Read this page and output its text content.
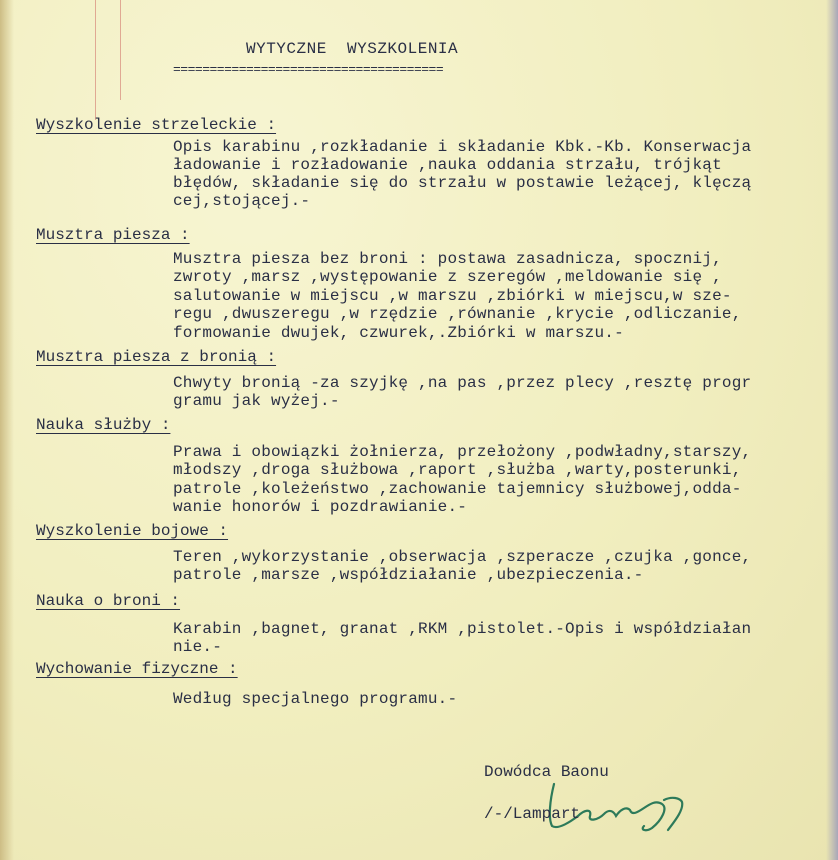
WYTYCZNE  WYSZKOLENIA
=====================================
Wyszkolenie strzeleckie :
Opis karabinu ,rozkładanie i składanie Kbk.-Kb. Konserwacja
ładowanie i rozładowanie ,nauka oddania strzału, trójkąt
błędów, składanie się do strzału w postawie leżącej, klęczą
cej,stojącej.-
Musztra piesza :
Musztra piesza bez broni : postawa zasadnicza, spocznij,
zwroty ,marsz ,występowanie z szeregów ,meldowanie się ,
salutowanie w miejscu ,w marszu ,zbiórki w miejscu,w sze-
regu ,dwuszeregu ,w rzędzie ,równanie ,krycie ,odliczanie,
formowanie dwujek, czwurek,.Zbiórki w marszu.-
Musztra piesza z bronią :
Chwyty bronią -za szyjkę ,na pas ,przez plecy ,resztę progr
gramu jak wyżej.-
Nauka służby :
Prawa i obowiązki żołnierza, przełożony ,podwładny,starszy,
młodszy ,droga służbowa ,raport ,służba ,warty,posterunki,
patrole ,koleżeństwo ,zachowanie tajemnicy służbowej,odda-
wanie honorów i pozdrawianie.-
Wyszkolenie bojowe :
Teren ,wykorzystanie ,obserwacja ,szperacze ,czujka ,gonce,
patrole ,marsze ,współdziałanie ,ubezpieczenia.-
Nauka o broni :
Karabin ,bagnet, granat ,RKM ,pistolet.-Opis i współdziałan
nie.-
Wychowanie fizyczne :
Według specjalnego programu.-
Dowódca Baonu
/-/Lampart
